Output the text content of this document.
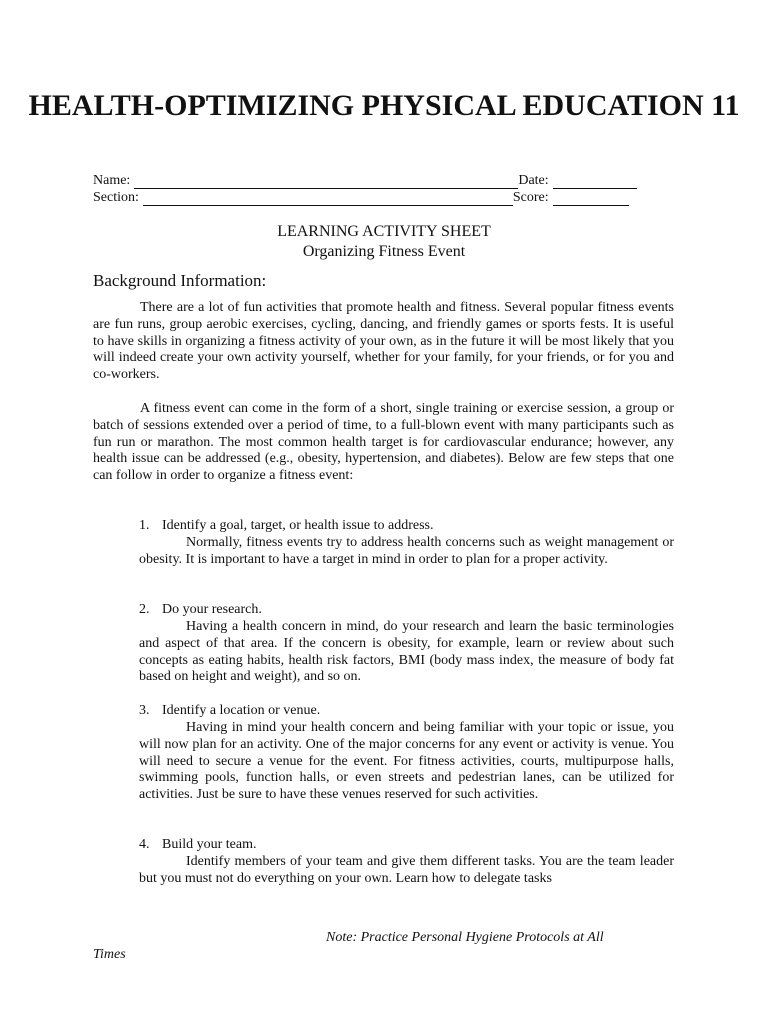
HEALTH-OPTIMIZING PHYSICAL EDUCATION 11
Name:	Date:
Section:	Score:
LEARNING ACTIVITY SHEET
Organizing Fitness Event
Background Information:

There are a lot of fun activities that promote health and fitness. Several popular fitness events are fun runs, group aerobic exercises, cycling, dancing, and friendly games or sports fests. It is useful to have skills in organizing a fitness activity of your own, as in the future it will be most likely that you will indeed create your own activity yourself, whether for your family, for your friends, or for you and co-workers.

A fitness event can come in the form of a short, single training or exercise session, a group or batch of sessions extended over a period of time, to a full-blown event with many participants such as fun run or marathon. The most common health target is for cardiovascular endurance; however, any health issue can be addressed (e.g., obesity, hypertension, and diabetes). Below are few steps that one can follow in order to organize a fitness event:

1. Identify a goal, target, or health issue to address.

Normally, fitness events try to address health concerns such as weight management or obesity. It is important to have a target in mind in order to plan for a proper activity.

2. Do your research.

Having a health concern in mind, do your research and learn the basic terminologies and aspect of that area. If the concern is obesity, for example, learn or review about such concepts as eating habits, health risk factors, BMI (body mass index, the measure of body fat based on height and weight), and so on.

3. Identify a location or venue.

Having in mind your health concern and being familiar with your topic or issue, you will now plan for an activity. One of the major concerns for any event or activity is venue. You will need to secure a venue for the event. For fitness activities, courts, multipurpose halls, swimming pools, function halls, or even streets and pedestrian lanes, can be utilized for activities. Just be sure to have these venues reserved for such activities.

4. Build your team.

Identify members of your team and give them different tasks. You are the team leader but you must not do everything on your own. Learn how to delegate tasks

Note: Practice Personal Hygiene Protocols at All
Times
